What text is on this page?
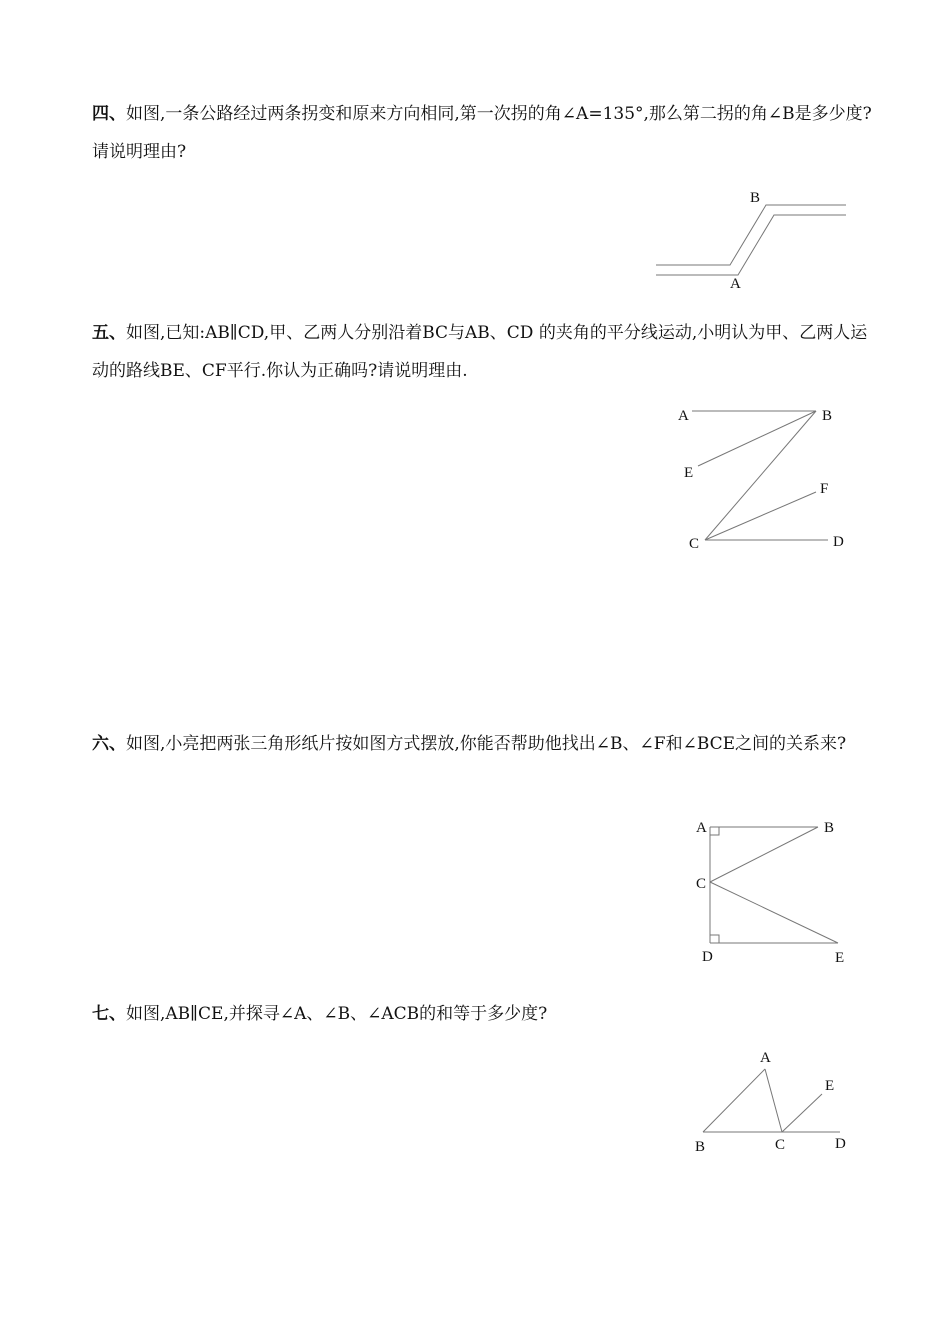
四、如图,一条公路经过两条拐变和原来方向相同,第一次拐的角∠A=135°,那么第二拐的角∠B是多少度?请说明理由?
B
A
五、如图,已知:AB∥CD,甲、乙两人分别沿着BC与AB、CD 的夹角的平分线运动,小明认为甲、乙两人运动的路线BE、CF平行.你认为正确吗?请说明理由.
A	B
E
F
C	D
六、如图,小亮把两张三角形纸片按如图方式摆放,你能否帮助他找出∠B、∠F和∠BCE之间的关系来?
A	B
C
D	E
七、如图,AB∥CE,并探寻∠A、∠B、∠ACB的和等于多少度?
A
E
B	C	D
